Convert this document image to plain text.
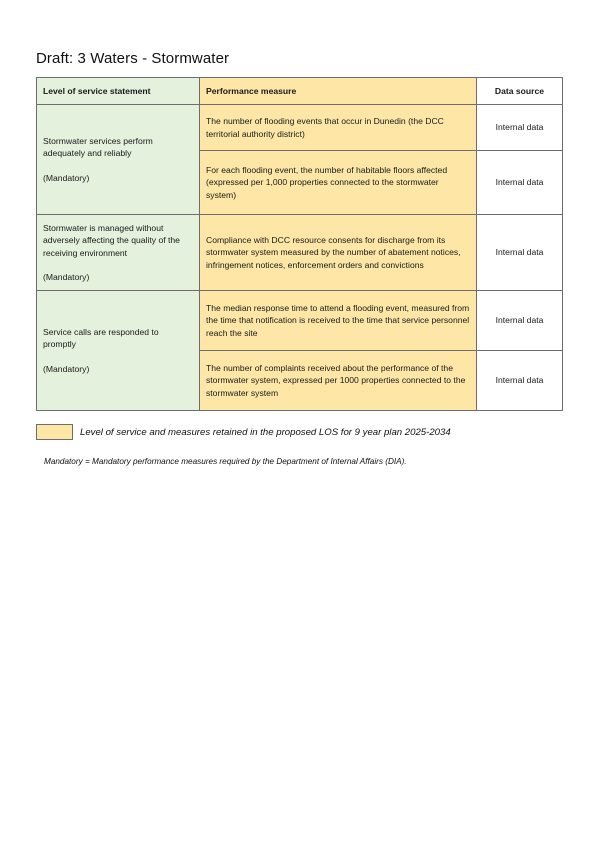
Draft: 3 Waters - Stormwater
Level of service statement	Performance measure	Data source

Stormwater services perform adequately and reliably
(Mandatory)	The number of flooding events that occur in Dunedin (the DCC territorial authority district)	Internal data
	For each flooding event, the number of habitable floors affected (expressed per 1,000 properties connected to the stormwater system)	Internal data

Stormwater is managed without adversely affecting the quality of the receiving environment
(Mandatory)	Compliance with DCC resource consents for discharge from its stormwater system measured by the number of abatement notices, infringement notices, enforcement orders and convictions	Internal data

Service calls are responded to promptly
(Mandatory)	The median response time to attend a flooding event, measured from the time that notification is received to the time that service personnel reach the site	Internal data
	The number of complaints received about the performance of the stormwater system, expressed per 1000 properties connected to the stormwater system	Internal data
Level of service and measures retained in the proposed LOS for 9 year plan 2025-2034
Mandatory = Mandatory performance measures required by the Department of Internal Affairs (DIA).
